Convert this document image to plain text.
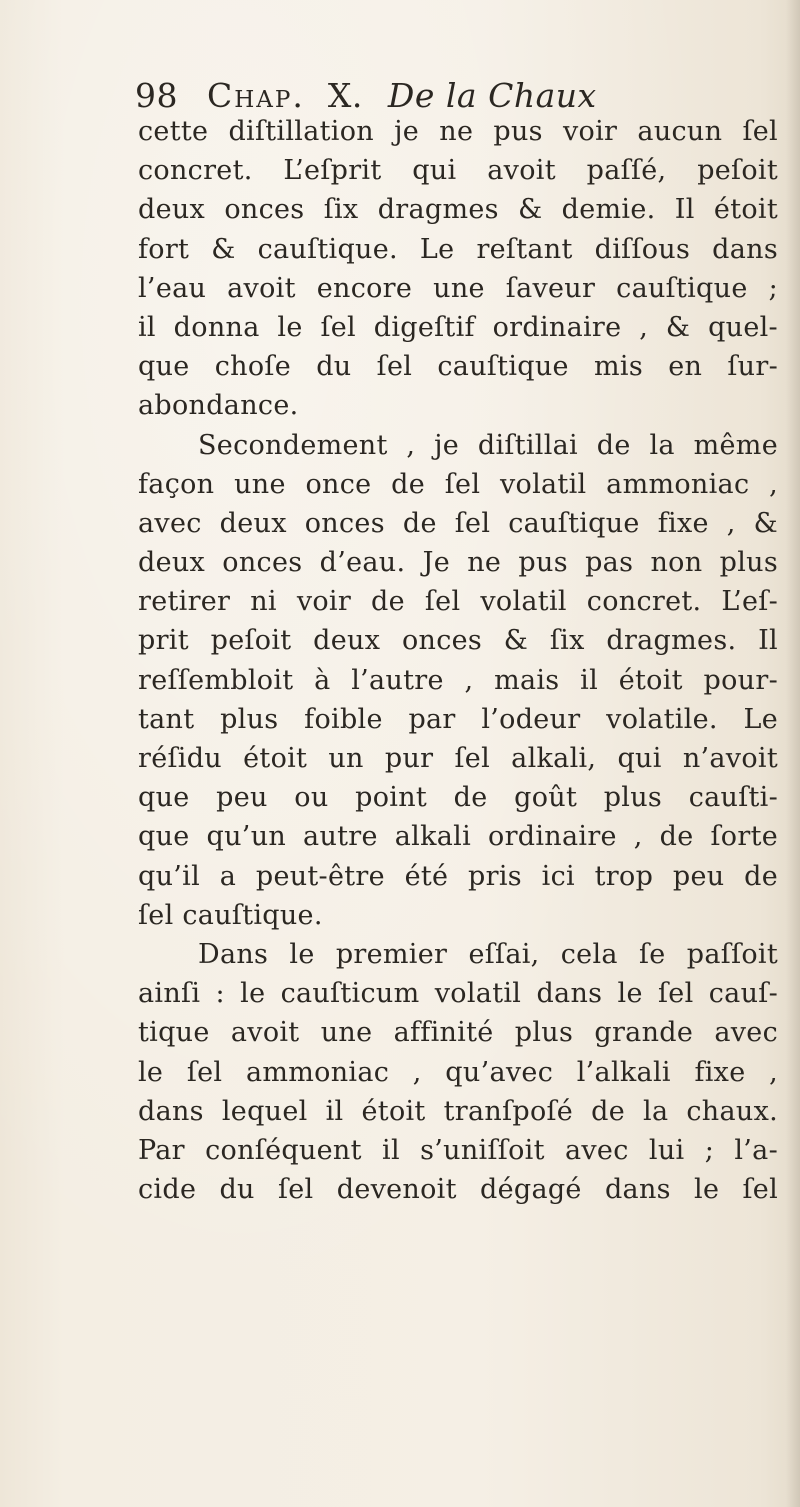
98 Chap. X. De la Chaux
cette diſtillation je ne pus voir aucun ſel
concret. L’eſprit qui avoit paſſé, peſoit
deux onces ſix dragmes & demie. Il étoit
fort & cauſtique. Le reſtant diſſous dans
l’eau avoit encore une ſaveur cauſtique ;
il donna le ſel digeſtif ordinaire , & quel-
que choſe du ſel cauſtique mis en ſur-
abondance.
Secondement , je diſtillai de la même
façon une once de ſel volatil ammoniac ,
avec deux onces de ſel cauſtique fixe , &
deux onces d’eau. Je ne pus pas non plus
retirer ni voir de ſel volatil concret. L’eſ-
prit peſoit deux onces & ſix dragmes. Il
reſſembloit à l’autre , mais il étoit pour-
tant plus foible par l’odeur volatile. Le
réſidu étoit un pur ſel alkali, qui n’avoit
que peu ou point de goût plus cauſti-
que qu’un autre alkali ordinaire , de ſorte
qu’il a peut-être été pris ici trop peu de
ſel cauſtique.
Dans le premier eſſai, cela ſe paſſoit
ainſi : le cauſticum volatil dans le ſel cauſ-
tique avoit une affinité plus grande avec
le ſel ammoniac , qu’avec l’alkali fixe ,
dans lequel il étoit tranſpoſé de la chaux.
Par conſéquent il s’uniſſoit avec lui ; l’a-
cide du ſel devenoit dégagé dans le ſel
